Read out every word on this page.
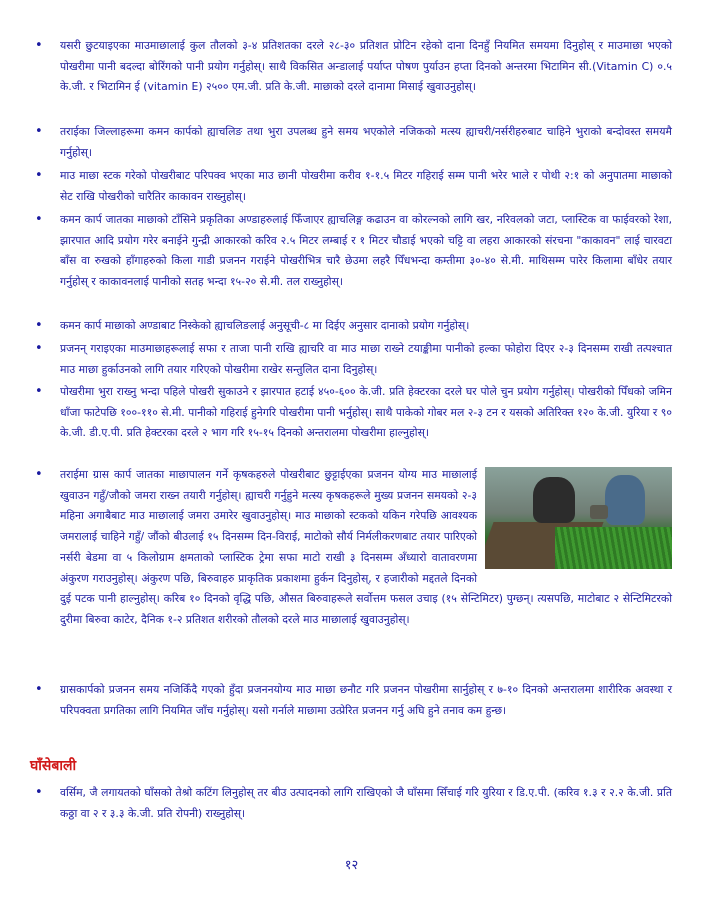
• यसरी छुटयाइएका माउमाछालाई कुल तौलको ३-४ प्रतिशतका दरले २८-३० प्रतिशत प्रोटिन रहेको दाना दिनहुँ नियमित समयमा दिनुहोस् र माउमाछा भएको पोखरीमा पानी बदल्दा बोरिंगको पानी प्रयोग गर्नुहोस्। साथै विकसित अन्डालाई पर्याप्त पोषण पुर्याउन हप्ता दिनको अन्तरमा भिटामिन सी.(Vitamin C) ०.५ के.जी. र भिटामिन ई (vitamin E) २५०० एम.जी. प्रति के.जी. माछाको दरले दानामा मिसाई खुवाउनुहोस्।
• तराईका जिल्लाहरूमा कमन कार्पको ह्याचलिङ तथा भुरा उपलब्ध हुने समय भएकोले नजिकको मत्स्य ह्याचरी/नर्सरीहरुबाट चाहिने भुराको बन्दोवस्त समयमै गर्नुहोस्।
• माउ माछा स्टक गरेको पोखरीबाट परिपक्व भएका माउ छानी पोखरीमा करीव १-१.५ मिटर गहिराई सम्म पानी भरेर भाले र पोथी २:१ को अनुपातमा माछाको सेट राखि पोखरीको चारैतिर काकावन राख्नुहोस्।
• कमन कार्प जातका माछाको टाँसिने प्रकृतिका अण्डाहरुलाई फिँजाएर ह्याचलिङ्ग कढाउन वा कोरल्नको लागि खर, नरिवलको जटा, प्लास्टिक वा फाईवरको रेशा, झारपात आदि प्रयोग गरेर बनाईने गुन्द्री आकारको करिव २.५ मिटर लम्बाई र १ मिटर चौडाई भएको चट्टि वा लहरा आकारको संरचना "काकावन" लाई चारवटा बाँस वा रुखको हाँगाहरुको किला गाडी प्रजनन गराईने पोखरीभित्र चारै छेउमा लहरै पिँधभन्दा कम्तीमा ३०-४० से.मी. माथिसम्म पारेर किलामा बाँधेर तयार गर्नुहोस् र काकावनलाई पानीको सतह भन्दा १५-२० से.मी. तल राख्नुहोस्।
• कमन कार्प माछाको अण्डाबाट निस्केको ह्याचलिङलाई अनुसूची-८ मा दिईए अनुसार दानाको प्रयोग गर्नुहोस्।
• प्रजनन् गराइएका माउमाछाहरूलाई सफा र ताजा पानी राखि ह्याचरि वा माउ माछा राख्ने टयाङ्कीमा पानीको हल्का फोहोरा दिएर २-३ दिनसम्म राखी तत्पश्चात माउ माछा हुर्काउनको लागि तयार गरिएको पोखरीमा राखेर सन्तुलित दाना दिनुहोस्।
• पोखरीमा भुरा राख्नु भन्दा पहिले पोखरी सुकाउने र झारपात हटाई ४५०-६०० के.जी. प्रति हेक्टरका दरले घर पोले चुन प्रयोग गर्नुहोस्। पोखरीको पिँधको जमिन धाँजा फाटेपछि १००-११० से.मी. पानीको गहिराई हुनेगरि पोखरीमा पानी भर्नुहोस्। साथै पाकेको गोबर मल २-३ टन र यसको अतिरिक्त १२० के.जी. युरिया र ९० के.जी. डी.ए.पी. प्रति हेक्टरका दरले २ भाग गरि १५-१५ दिनको अन्तरालमा पोखरीमा हाल्नुहोस्।
• तराईमा ग्रास कार्प जातका माछापालन गर्ने कृषकहरुले पोखरीबाट छुट्टाईएका प्रजनन योग्य माउ माछालाई खुवाउन गहुँ/जौको जमरा राख्न तयारी गर्नुहोस्। ह्याचरी गर्नुहुने मत्स्य कृषकहरूले मुख्य प्रजनन समयको २-३ महिना अगाबैबाट माउ माछालाई जमरा उमारेर खुवाउनुहोस्। माउ माछाको स्टकको यकिन गरेपछि आवश्यक जमरालाई चाहिने गहुँ/ जौंको बीउलाई १५ दिनसम्म दिन-विराई, माटोको सौर्य निर्मलीकरणबाट तयार पारिएको नर्सरी बेडमा वा ५ किलोग्राम क्षमताको प्लास्टिक ट्रेमा सफा माटो राखी ३ दिनसम्म अँध्यारो वातावरणमा अंकुरण गराउनुहोस्। अंकुरण पछि, बिरुवाहरु प्राकृतिक प्रकाशमा हुर्कन दिनुहोस्, र हजारीको मद्दतले दिनको दुई पटक पानी हाल्नुहोस्। करिब १० दिनको वृद्धि पछि, औसत बिरुवाहरूले सर्वोत्तम फसल उचाइ (१५ सेन्टिमिटर) पुग्छन्। त्यसपछि, माटोबाट २ सेन्टिमिटरको दुरीमा बिरुवा काटेर, दैनिक १-२ प्रतिशत शरीरको तौलको दरले माउ माछालाई खुवाउनुहोस्।
• ग्रासकार्पको प्रजनन समय नजिकिँदै गएको हुँदा प्रजननयोग्य माउ माछा छनौट गरि प्रजनन पोखरीमा सार्नुहोस् र ७-१० दिनको अन्तरालमा शारीरिक अवस्था र परिपक्वता प्रगतिका लागि नियमित जाँच गर्नुहोस्। यसो गर्नाले माछामा उत्प्रेरित प्रजनन गर्नु अघि हुने तनाव कम हुन्छ।
• वर्सिम, जै लगायतको घाँसको तेश्रो कटिंग लिनुहोस् तर बीउ उत्पादनको लागि राखिएको जै घाँसमा सिँचाई गरि युरिया र डि.ए.पी. (करिव १.३ र २.२ के.जी. प्रति कठ्ठा वा २ र ३.३ के.जी. प्रति रोपनी) राख्नुहोस्।
घाँसेबाली
१२
